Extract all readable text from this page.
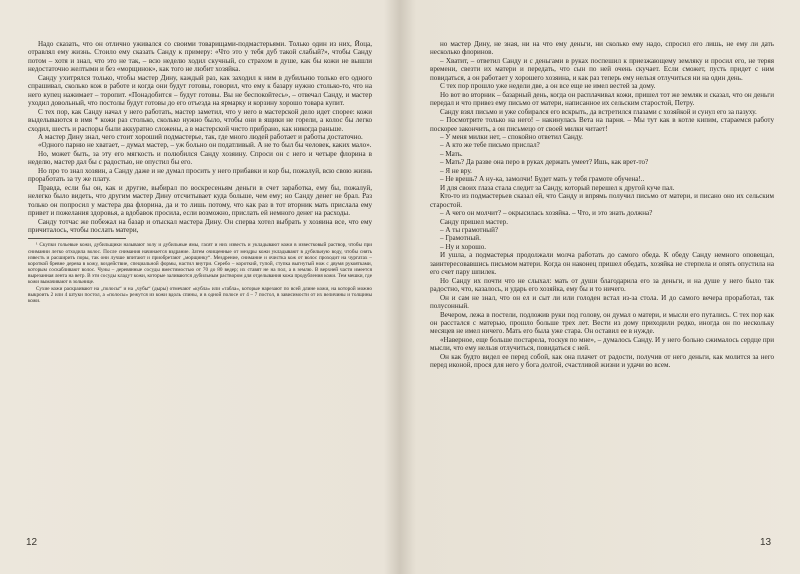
Надо сказать, что он отлично уживался со своими товарищами-подмастерьями. Только один из них, Йоца, отравлял ему жизнь. Стоило ему сказать Санду к примеру: «Что это у тебя дуб такой слабый?», чтобы Санду потом – хотя и знал, что это не так, – всю неделю ходил скучный, со страхом в душе, как бы кожи не вышли недостаточно желтыми и без «морщинок», как того не любит хозяйка.

Санду ухитрялся только, чтобы мастер Дину, каждый раз, как заходил к ним в дубильню только его одного спрашивал, сколько кож в работе и когда они будут готовы, говорил, что ему к базару нужно столько-то, что на него купец нажимает – торопит. «Понадобится – будут готовы. Вы не беспокойтесь», – отвечал Санду, и мастер уходил довольный, что постолы будут готовы до его отъезда на ярмарку и корзину хорошо товара купит.

С тех пор, как Санду начал у него работать, мастер заметил, что у него в мастерской дело идет спорее: кожи выделываются в имя * кожи раз столько, сколько нужно было, чтобы они в ящики не горели, а колос бы легко сходил, шесть и распоры были аккуратно сложены, а в мастерской чисто прибрано, как никогда раньше.

А мастер Дину знал, чего стоит хороший подмастерье, так, где много людей работает и работы достаточно.

«Одного парню не хватает, – думал мастер, – уж больно он податливый. А не то был бы человек, каких мало».

Но, может быть, за эту его мягкость и полюбился Санду хозяину. Спроси он с него и четыре флорина в неделю, мастер дал бы с радостью, не опустил бы его.

Но про то знал хозяин, а Санду даже и не думал просить у него прибавки и кор бы, пожалуй, всю свою жизнь проработать за ту же плату.

Правда, если бы он, как и другие, выбирал по воскресеньям деньги в счет заработка, ему бы, пожалуй, нелегко было видеть, что другим мастер Дину отсчитывает куда больше, чем ему; но Санду денег не брал. Раз только он попросил у мастера два флорина, да и то лишь потому, что как раз в тот вторник мать прислала ему привет и пожелания здоровья, а вдобавок просила, если возможно, прислать ей немного денег на расходы.

Санду тотчас же побежал на базар и отыскал мастера Дину. Он сперва хотел выбрать у хозяина все, что ему причиталось, чтобы послать матери,

¹ Скупки гольевые кожи, дубильщики называют золу и дубильные ямы, гасят и них известь и укладывают кожи в известковый раствор, чтобы при снимании легко отходила волос. После снимания начинается вздрание. Затем очищенные от мездры кожи укладывают в дубильную воду, чтобы снять известь и расширить поры, так они лучше впитают и приобретают „морщинку“. Мездрение, снимание и очистка кож от волос проходит на чургатах – короткой бревне дерева в кожу, воздействие, специальной формы, настил внутри. Серебо – короткий, тупой, ступка выгнутый нож с двумя рукоятками, которым соскабливают волос. Чуны – деревянные сосуды вместимостью от 70 до 80 ведер; их ставят не на пол, а в землю. В верхней части имеется вырезанная лента на ветр. В эти сосуды кладут кожи, которые заливаются дубильным раствором для отделывания кожа продубления кожи. Тем мешки, где кожи вымачивают в зольнице.

Сухие кожи раскраивают на „полосы“ и на „чубы“ (дыры) отмечают «кубла» или «табла», которые нарезают по всей длине кожи, на которой можно выкроить 2 или 4 штуки постол, а «полосы» режутся из кожи вдоль спины, и в одной полосе от 4 – 7 постол, в зависимости от их величины и толщины кожи.

но мастер Дину, не зная, ни на что ему деньги, ни сколько ему надо, спросил его лишь, не ему ли дать несколько флоринов.

– Хватит, – ответил Санду и с деньгами в руках поспешил к приезжающему земляку и просил его, не теряя времени, свезти их матери и передать, что сын по ней очень скучает. Если сможет, пусть придет с ним повидаться, а он работает у хорошего хозяина, и как раз теперь ему нельзя отлучиться ни на один день.

С тех пор прошло уже недели две, а он все еще не имел вестей за дому.

Но вот во вторник – базарный день, когда он расплачивал кожи, пришел тот же земляк и сказал, что он деньги передал и что привез ему письмо от матери, написанное их сельским старостой, Петру.

Санду взял письмо и уже собирался его вскрыть, да встретился глазами с хозяйкой и сунул его за пазуху.

– Посмотрите только на него! – накинулась Вета на парня. – Мы тут как в котле кипим, стараемся работу поскорее закончить, а он письмецо от своей милки читает!

– У меня милки нет, – спокойно ответил Санду.

– А кто же тебе письмо прислал?

– Мать.

– Мать? Да разве она перо в руках держать умеет? Ишь, как врет-то?

– Я не вру.

– Не врешь? А ну-ка, замолчи! Будет мать у тебя грамоте обучена!..

И для своих глаза стала следит за Санду, который перешел к другой куче пал.

Кто-то из подмастерьев сказал ей, что Санду и впрямь получил письмо от матери, и писано оно их сельским старостой.

– А чего он молчит? – окрысилась хозяйка. – Что, и это знать должна?

Санду пришел мастер.

– А ты грамотный?

– Грамотный.

– Ну и хорошо.

И ушла, а подмастерья продолжали молча работать до самого обеда. К обеду Санду немного оповещал, заинтересовавшись письмом матери. Когда он наконец пришел обедать, хозяйка не стерпела и опять опустила на его счет пару шпилек.

Но Санду их почти что не слыхал: мать от души благодарила его за деньги, и на душе у него было так радостно, что, казалось, и ударь его хозяйка, ему бы и то ничего.

Он и сам не знал, что он ел и сыт ли или голоден встал из-за стола. И до самого вечера проработал, так полусонный.

Вечером, лежа в постели, подложив руки под голову, он думал о матери, и мысли его путались. С тех пор как он расстался с матерью, прошло больше трех лет. Вести из дому приходили редко, иногда он по нескольку месяцев не имел ничего. Мать его была уже стара. Он оставил ее в нужде.

«Наверное, еще больше постарела, тоскуя по мне», – думалось Санду. И у него больно сжималось сердце при мысли, что ему нельзя отлучиться, повидаться с ней.

Он как будто видел ее перед собой, как она плачет от радости, получив от него деньги, как молится за него перед иконой, прося для него у бога долгой, счастливой жизни и удачи во всем.

12	13
